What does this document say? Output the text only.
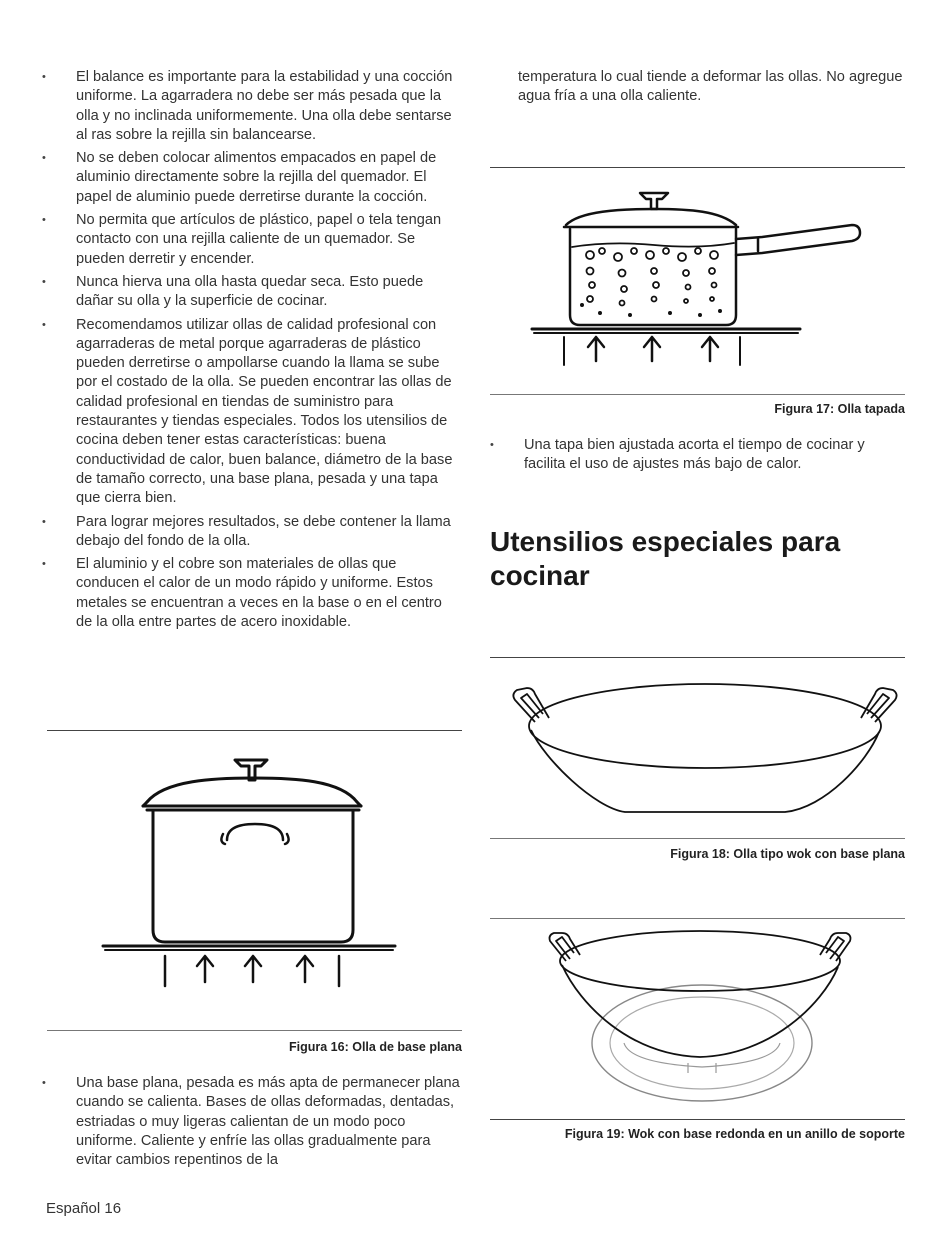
• El balance es importante para la estabilidad y una cocción uniforme. La agarradera no debe ser más pesada que la olla y no inclinada uniformemente. Una olla debe sentarse al ras sobre la rejilla sin balancearse.
• No se deben colocar alimentos empacados en papel de aluminio directamente sobre la rejilla del quemador. El papel de aluminio puede derretirse durante la cocción.
• No permita que artículos de plástico, papel o tela tengan contacto con una rejilla caliente de un quemador. Se pueden derretir y encender.
• Nunca hierva una olla hasta quedar seca. Esto puede dañar su olla y la superficie de cocinar.
• Recomendamos utilizar ollas de calidad profesional con agarraderas de metal porque agarraderas de plástico pueden derretirse o ampollarse cuando la llama se sube por el costado de la olla. Se pueden encontrar las ollas de calidad profesional en tiendas de suministro para restaurantes y tiendas especiales. Todos los utensilios de cocina deben tener estas características: buena conductividad de calor, buen balance, diámetro de la base de tamaño correcto, una base plana, pesada y una tapa que cierra bien.
• Para lograr mejores resultados, se debe contener la llama debajo del fondo de la olla.
• El aluminio y el cobre son materiales de ollas que conducen el calor de un modo rápido y uniforme. Estos metales se encuentran a veces en la base o en el centro de la olla entre partes de acero inoxidable.
Figura 16: Olla de base plana
• Una base plana, pesada es más apta de permanecer plana cuando se calienta. Bases de ollas deformadas, dentadas, estriadas o muy ligeras calientan de un modo poco uniforme. Caliente y enfríe las ollas gradualmente para evitar cambios repentinos de la

temperatura lo cual tiende a deformar las ollas. No agregue agua fría a una olla caliente.

Figura 17: Olla tapada
• Una tapa bien ajustada acorta el tiempo de cocinar y facilita el uso de ajustes más bajo de calor.
Utensilios especiales para cocinar
Figura 18: Olla tipo wok con base plana
Figura 19: Wok con base redonda en un anillo de soporte
Español 16
